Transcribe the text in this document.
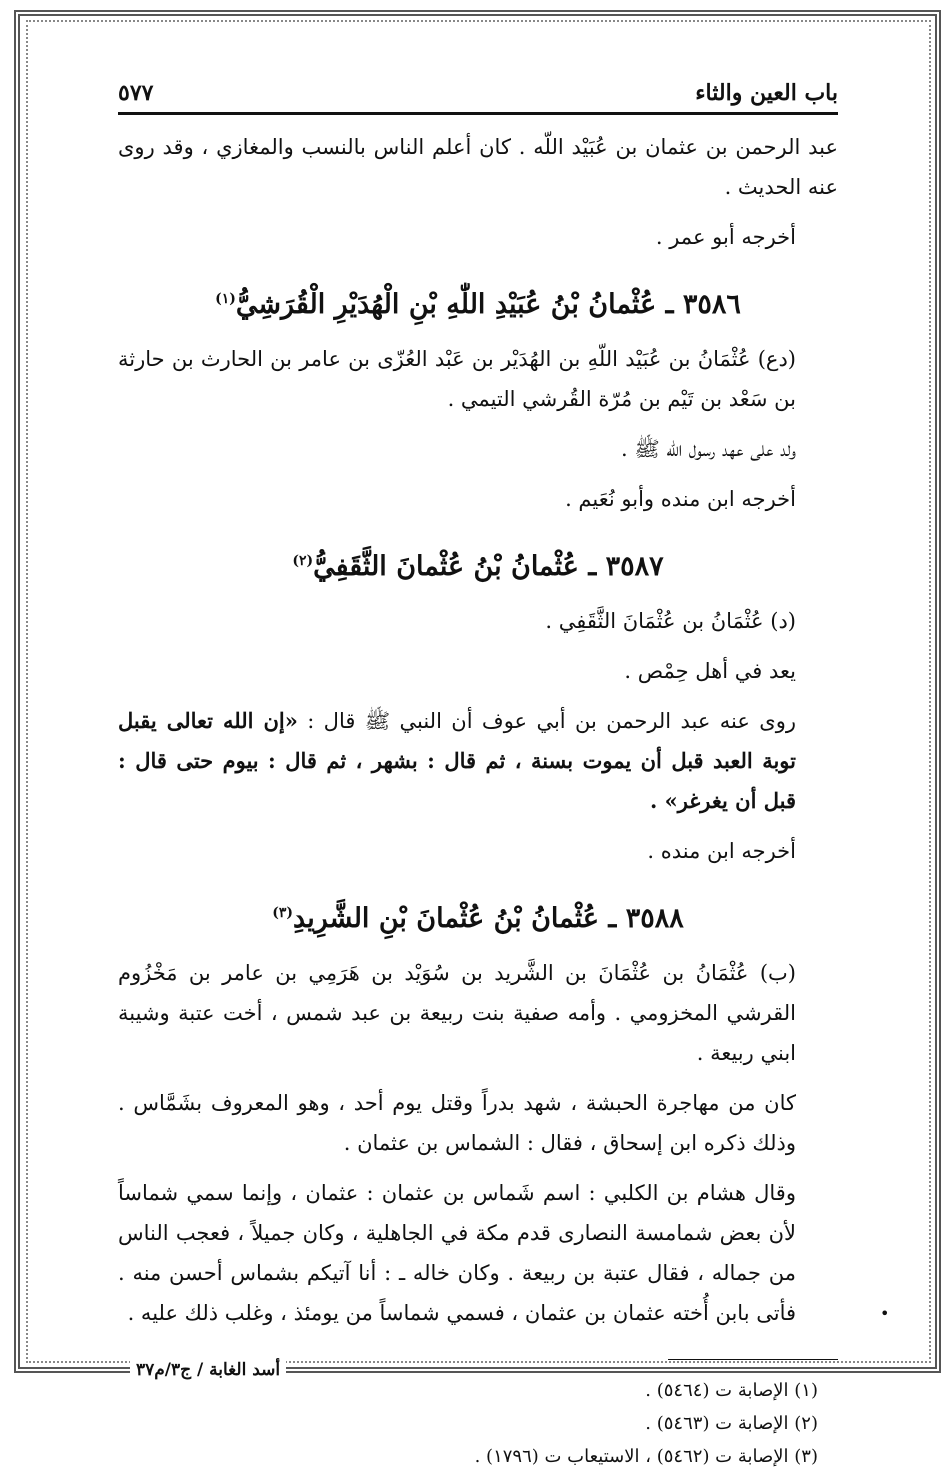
باب العين والثاء
٥٧٧

عبد الرحمن بن عثمان بن عُبَيْد اللّه . كان أعلم الناس بالنسب والمغازي ، وقد روى عنه الحديث .

أخرجه أبو عمر .

٣٥٨٦ ـ عُثْمانُ بْنُ عُبَيْدِ اللّٰهِ بْنِ الْهُدَيْرِ الْقُرَشِيُّ$^{(١)}$

(دع) عُثْمَانُ بن عُبَيْد اللّهِ بن الهُدَيْر بن عَبْد العُزّى بن عامر بن الحارث بن حارثة بن سَعْد بن تَيْم بن مُرّة القُرشي التيمي .

ولد على عهد رسول الله ﷺ .

أخرجه ابن منده وأبو نُعَيم .

٣٥٨٧ ـ عُثْمانُ بْنُ عُثْمانَ الثَّقَفِيُّ$^{(٢)}$

(د) عُثْمَانُ بن عُثْمَانَ الثَّقَفِي .

يعد في أهل حِمْص .

روى عنه عبد الرحمن بن أبي عوف أن النبي ﷺ قال : «إن الله تعالى يقبل توبة العبد قبل أن يموت بسنة ، ثم قال : بشهر ، ثم قال : بيوم حتى قال : قبل أن يغرغر» .

أخرجه ابن منده .

٣٥٨٨ ـ عُثْمانُ بْنُ عُثْمانَ بْنِ الشَّرِيدِ$^{(٣)}$

(ب) عُثْمَانُ بن عُثْمَانَ بن الشَّريد بن سُوَيْد بن هَرَمِي بن عامر بن مَخْزُوم القرشي المخزومي . وأمه صفية بنت ربيعة بن عبد شمس ، أخت عتبة وشيبة ابني ربيعة .

كان من مهاجرة الحبشة ، شهد بدراً وقتل يوم أحد ، وهو المعروف بشَمَّاس . وذلك ذكره ابن إسحاق ، فقال : الشماس بن عثمان .

وقال هشام بن الكلبي : اسم شَماس بن عثمان : عثمان ، وإنما سمي شماساً لأن بعض شمامسة النصارى قدم مكة في الجاهلية ، وكان جميلاً ، فعجب الناس من جماله ، فقال عتبة بن ربيعة . وكان خاله ـ : أنا آتيكم بشماس أحسن منه . فأتى بابن أُخته عثمان بن عثمان ، فسمي شماساً من يومئذ ، وغلب ذلك عليه .

(١) الإصابة ت (٥٤٦٤) .

(٢) الإصابة ت (٥٤٦٣) .

(٣) الإصابة ت (٥٤٦٢) ، الاستيعاب ت (١٧٩٦) .

•
أسد الغابة / ج٣/م٣٧
